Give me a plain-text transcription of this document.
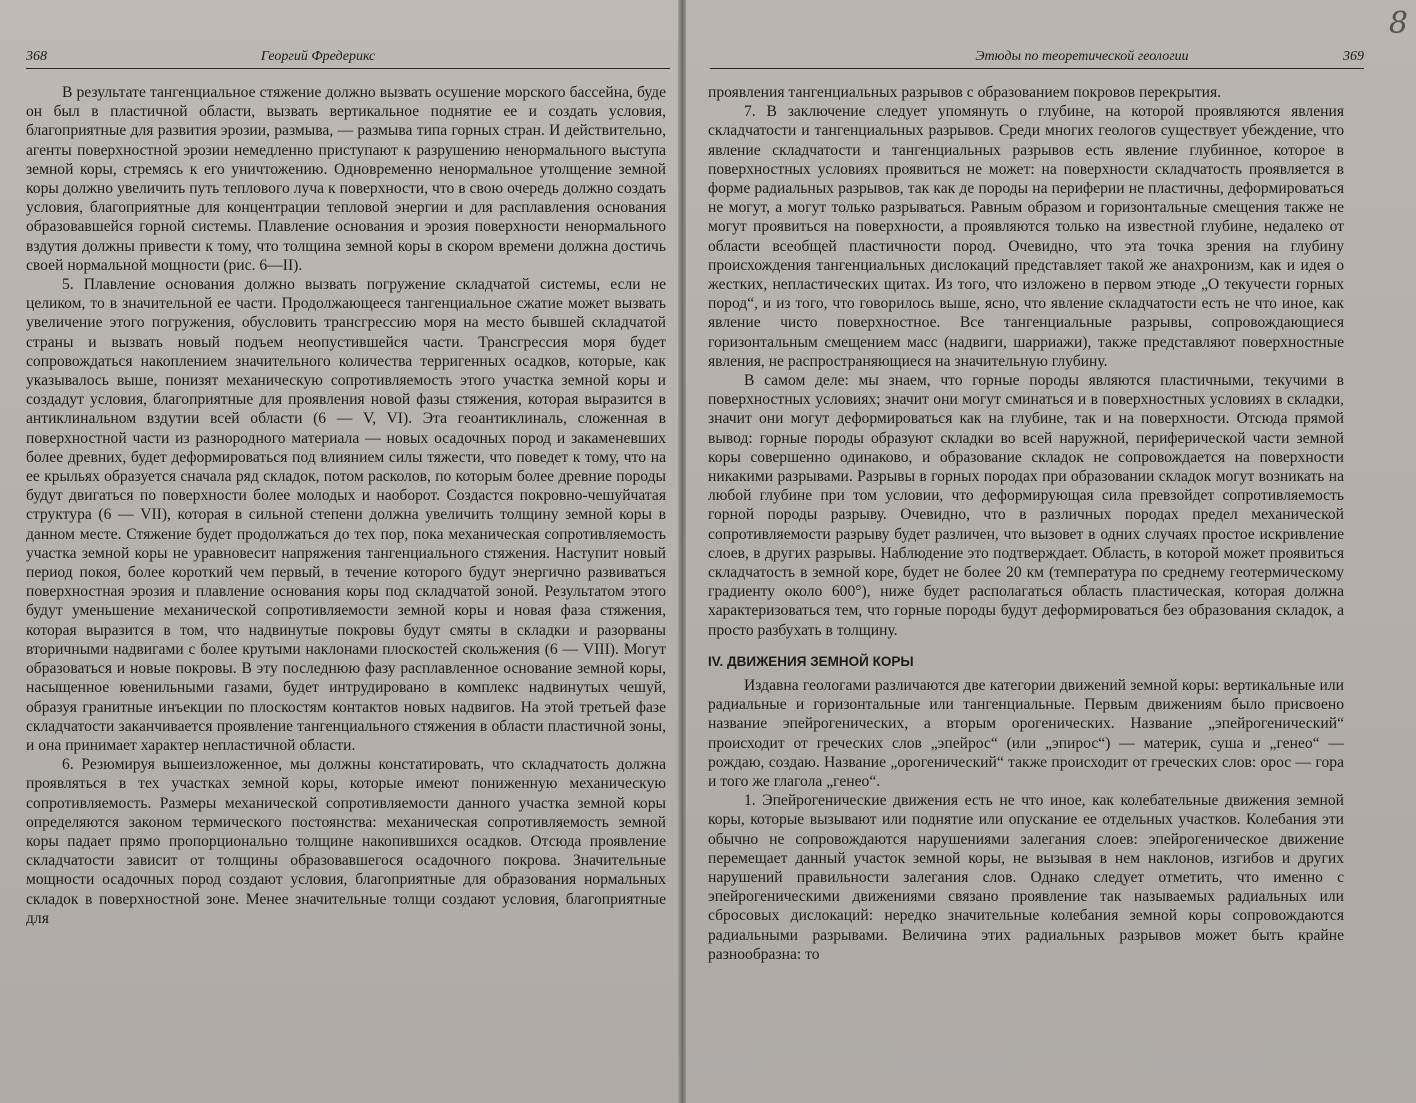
368	Георгий Фредерикс

В результате тангенциальное стяжение должно вызвать осушение морского бассейна, буде он был в пластичной области, вызвать вертикальное поднятие ее и создать условия, благоприятные для развития эрозии, размыва, — размыва типа горных стран. И действительно, агенты поверхностной эрозии немедленно приступают к разрушению ненормального выступа земной коры, стремясь к его уничтожению. Одновременно ненормальное утолщение земной коры должно увеличить путь теплового луча к поверхности, что в свою очередь должно создать условия, благоприятные для концентрации тепловой энергии и для расплавления основания образовавшейся горной системы. Плавление основания и эрозия поверхности ненормального вздутия должны привести к тому, что толщина земной коры в скором времени должна достичь своей нормальной мощности (рис. 6—II).

5. Плавление основания должно вызвать погружение складчатой системы, если не целиком, то в значительной ее части. Продолжающееся тангенциальное сжатие может вызвать увеличение этого погружения, обусловить трансгрессию моря на место бывшей складчатой страны и вызвать новый подъем неопустившейся части. Трансгрессия моря будет сопровождаться накоплением значительного количества терригенных осадков, которые, как указывалось выше, понизят механическую сопротивляемость этого участка земной коры и создадут условия, благоприятные для проявления новой фазы стяжения, которая выразится в антиклинальном вздутии всей области (6 — V, VI). Эта геоантиклиналь, сложенная в поверхностной части из разнородного материала — новых осадочных пород и закаменевших более древних, будет деформироваться под влиянием силы тяжести, что поведет к тому, что на ее крыльях образуется сначала ряд складок, потом расколов, по которым более древние породы будут двигаться по поверхности более молодых и наоборот. Создастся покровно-чешуйчатая структура (6 — VII), которая в сильной степени должна увеличить толщину земной коры в данном месте. Стяжение будет продолжаться до тех пор, пока механическая сопротивляемость участка земной коры не уравновесит напряжения тангенциального стяжения. Наступит новый период покоя, более короткий чем первый, в течение которого будут энергично развиваться поверхностная эрозия и плавление основания коры под складчатой зоной. Результатом этого будут уменьшение механической сопротивляемости земной коры и новая фаза стяжения, которая выразится в том, что надвинутые покровы будут смяты в складки и разорваны вторичными надвигами с более крутыми наклонами плоскостей скольжения (6 — VIII). Могут образоваться и новые покровы. В эту последнюю фазу расплавленное основание земной коры, насыщенное ювенильными газами, будет интрудировано в комплекс надвинутых чешуй, образуя гранитные инъекции по плоскостям контактов новых надвигов. На этой третьей фазе складчатости заканчивается проявление тангенциального стяжения в области пластичной зоны, и она принимает характер непластичной области.

6. Резюмируя вышеизложенное, мы должны констатировать, что складчатость должна проявляться в тех участках земной коры, которые имеют пониженную механическую сопротивляемость. Размеры механической сопротивляемости данного участка земной коры определяются законом термического постоянства: механическая сопротивляемость земной коры падает прямо пропорционально толщине накопившихся осадков. Отсюда проявление складчатости зависит от толщины образовавшегося осадочного покрова. Значительные мощности осадочных пород создают условия, благоприятные для образования нормальных складок в поверхностной зоне. Менее значительные толщи создают условия, благоприятные для

Этюды по теоретической геологии	369

проявления тангенциальных разрывов с образованием покровов перекрытия.

7. В заключение следует упомянуть о глубине, на которой проявляются явления складчатости и тангенциальных разрывов. Среди многих геологов существует убеждение, что явление складчатости и тангенциальных разрывов есть явление глубинное, которое в поверхностных условиях проявиться не может: на поверхности складчатость проявляется в форме радиальных разрывов, так как де породы на периферии не пластичны, деформироваться не могут, а могут только разрываться. Равным образом и горизонтальные смещения также не могут проявиться на поверхности, а проявляются только на известной глубине, недалеко от области всеобщей пластичности пород. Очевидно, что эта точка зрения на глубину происхождения тангенциальных дислокаций представляет такой же анахронизм, как и идея о жестких, непластических щитах. Из того, что изложено в первом этюде „О текучести горных пород“, и из того, что говорилось выше, ясно, что явление складчатости есть не что иное, как явление чисто поверхностное. Все тангенциальные разрывы, сопровождающиеся горизонтальным смещением масс (надвиги, шарриажи), также представляют поверхностные явления, не распространяющиеся на значительную глубину.

В самом деле: мы знаем, что горные породы являются пластичными, текучими в поверхностных условиях; значит они могут сминаться и в поверхностных условиях в складки, значит они могут деформироваться как на глубине, так и на поверхности. Отсюда прямой вывод: горные породы образуют складки во всей наружной, периферической части земной коры совершенно одинаково, и образование складок не сопровождается на поверхности никакими разрывами. Разрывы в горных породах при образовании складок могут возникать на любой глубине при том условии, что деформирующая сила превзойдет сопротивляемость горной породы разрыву. Очевидно, что в различных породах предел механической сопротивляемости разрыву будет различен, что вызовет в одних случаях простое искривление слоев, в других разрывы. Наблюдение это подтверждает. Область, в которой может проявиться складчатость в земной коре, будет не более 20 км (температура по среднему геотермическому градиенту около 600°), ниже будет располагаться область пластическая, которая должна характеризоваться тем, что горные породы будут деформироваться без образования складок, а просто разбухать в толщину.

IV. ДВИЖЕНИЯ ЗЕМНОЙ КОРЫ

Издавна геологами различаются две категории движений земной коры: вертикальные или радиальные и горизонтальные или тангенциальные. Первым движениям было присвоено название эпейрогенических, а вторым орогенических. Название „эпейрогенический“ происходит от греческих слов „эпейрос“ (или „эпирос“) — материк, суша и „генео“ — рождаю, создаю. Название „орогенический“ также происходит от греческих слов: орос — гора и того же глагола „генео“.

1. Эпейрогенические движения есть не что иное, как колебательные движения земной коры, которые вызывают или поднятие или опускание ее отдельных участков. Колебания эти обычно не сопровождаются нарушениями залегания слоев: эпейрогеническое движение перемещает данный участок земной коры, не вызывая в нем наклонов, изгибов и других нарушений правильности залегания слов. Однако следует отметить, что именно с эпейрогеническими движениями связано проявление так называемых радиальных или сбросовых дислокаций: нередко значительные колебания земной коры сопровождаются радиальными разрывами. Величина этих радиальных разрывов может быть крайне разнообразна: то

8
